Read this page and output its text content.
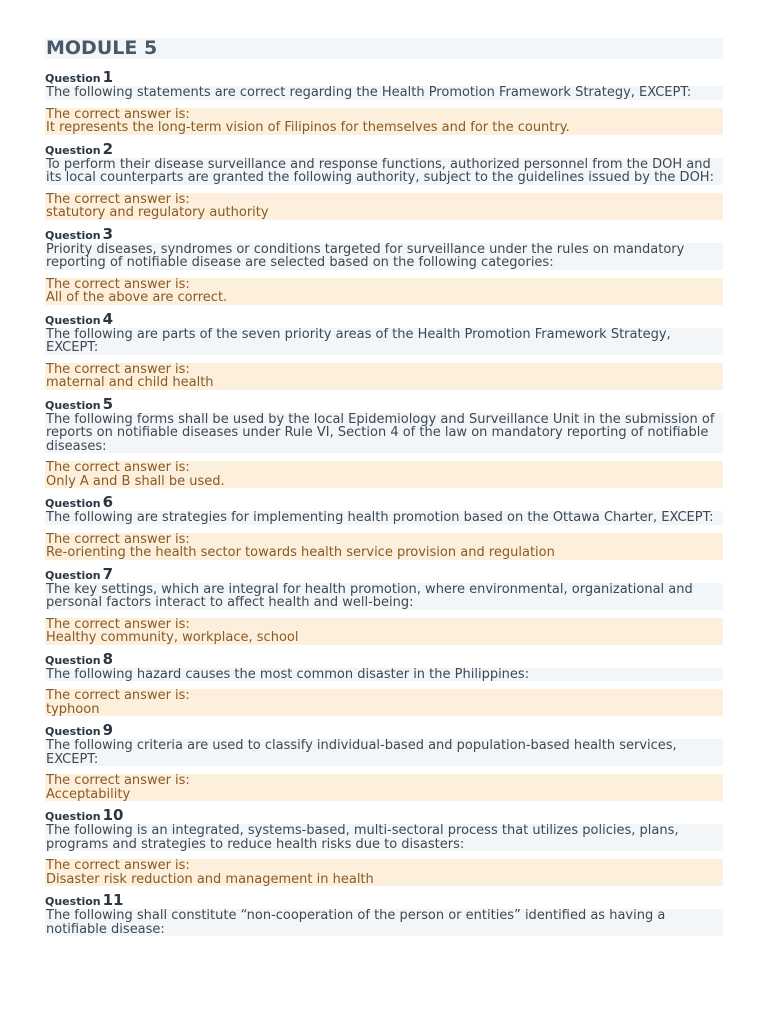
MODULE 5
Question 1
The following statements are correct regarding the Health Promotion Framework Strategy, EXCEPT:
The correct answer is:
It represents the long-term vision of Filipinos for themselves and for the country.
Question 2
To perform their disease surveillance and response functions, authorized personnel from the DOH and its local counterparts are granted the following authority, subject to the guidelines issued by the DOH:
The correct answer is:
statutory and regulatory authority
Question 3
Priority diseases, syndromes or conditions targeted for surveillance under the rules on mandatory reporting of notifiable disease are selected based on the following categories:
The correct answer is:
All of the above are correct.
Question 4
The following are parts of the seven priority areas of the Health Promotion Framework Strategy, EXCEPT:
The correct answer is:
maternal and child health
Question 5
The following forms shall be used by the local Epidemiology and Surveillance Unit in the submission of reports on notifiable diseases under Rule VI, Section 4 of the law on mandatory reporting of notifiable diseases:
The correct answer is:
Only A and B shall be used.
Question 6
The following are strategies for implementing health promotion based on the Ottawa Charter, EXCEPT:
The correct answer is:
Re-orienting the health sector towards health service provision and regulation
Question 7
The key settings, which are integral for health promotion, where environmental, organizational and personal factors interact to affect health and well-being:
The correct answer is:
Healthy community, workplace, school
Question 8
The following hazard causes the most common disaster in the Philippines:
The correct answer is:
typhoon
Question 9
The following criteria are used to classify individual-based and population-based health services, EXCEPT:
The correct answer is:
Acceptability
Question 10
The following is an integrated, systems-based, multi-sectoral process that utilizes policies, plans, programs and strategies to reduce health risks due to disasters:
The correct answer is:
Disaster risk reduction and management in health
Question 11
The following shall constitute “non-cooperation of the person or entities” identified as having a notifiable disease:
